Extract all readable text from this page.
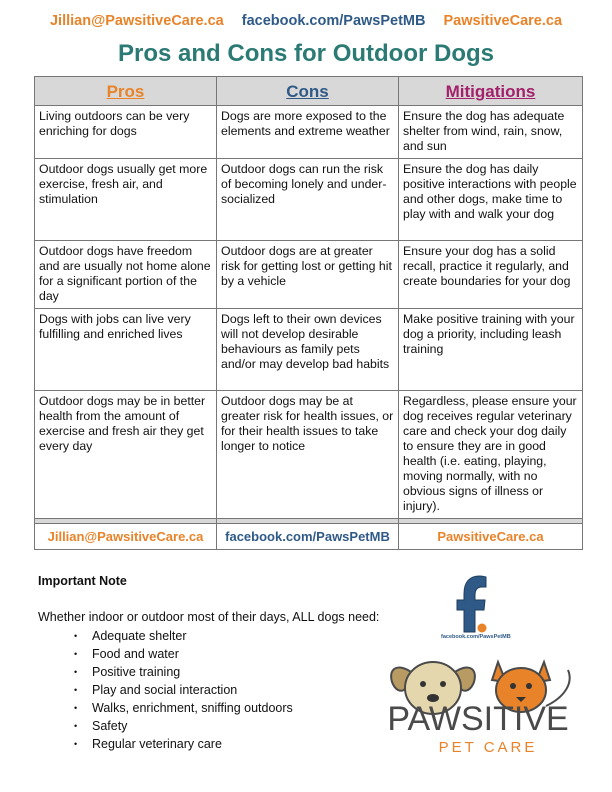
Jillian@PawsitiveCare.ca facebook.com/PawsPetMB PawsitiveCare.ca
Pros and Cons for Outdoor Dogs
Pros	Cons	Mitigations
Living outdoors can be very enriching for dogs	Dogs are more exposed to the elements and extreme weather	Ensure the dog has adequate shelter from wind, rain, snow, and sun
Outdoor dogs usually get more exercise, fresh air, and stimulation	Outdoor dogs can run the risk of becoming lonely and under-socialized	Ensure the dog has daily positive interactions with people and other dogs, make time to play with and walk your dog
Outdoor dogs have freedom and are usually not home alone for a significant portion of the day	Outdoor dogs are at greater risk for getting lost or getting hit by a vehicle	Ensure your dog has a solid recall, practice it regularly, and create boundaries for your dog
Dogs with jobs can live very fulfilling and enriched lives	Dogs left to their own devices will not develop desirable behaviours as family pets and/or may develop bad habits	Make positive training with your dog a priority, including leash training
Outdoor dogs may be in better health from the amount of exercise and fresh air they get every day	Outdoor dogs may be at greater risk for health issues, or for their health issues to take longer to notice	Regardless, please ensure your dog receives regular veterinary care and check your dog daily to ensure they are in good health (i.e. eating, playing, moving normally, with no obvious signs of illness or injury).

Jillian@PawsitiveCare.ca	facebook.com/PawsPetMB	PawsitiveCare.ca
Important Note
Whether indoor or outdoor most of their days, ALL dogs need:
• Adequate shelter
• Food and water
• Positive training
• Play and social interaction
• Walks, enrichment, sniffing outdoors
• Safety
• Regular veterinary care
facebook.com/PawsPetMB
PAWSITIVE
PET CARE
